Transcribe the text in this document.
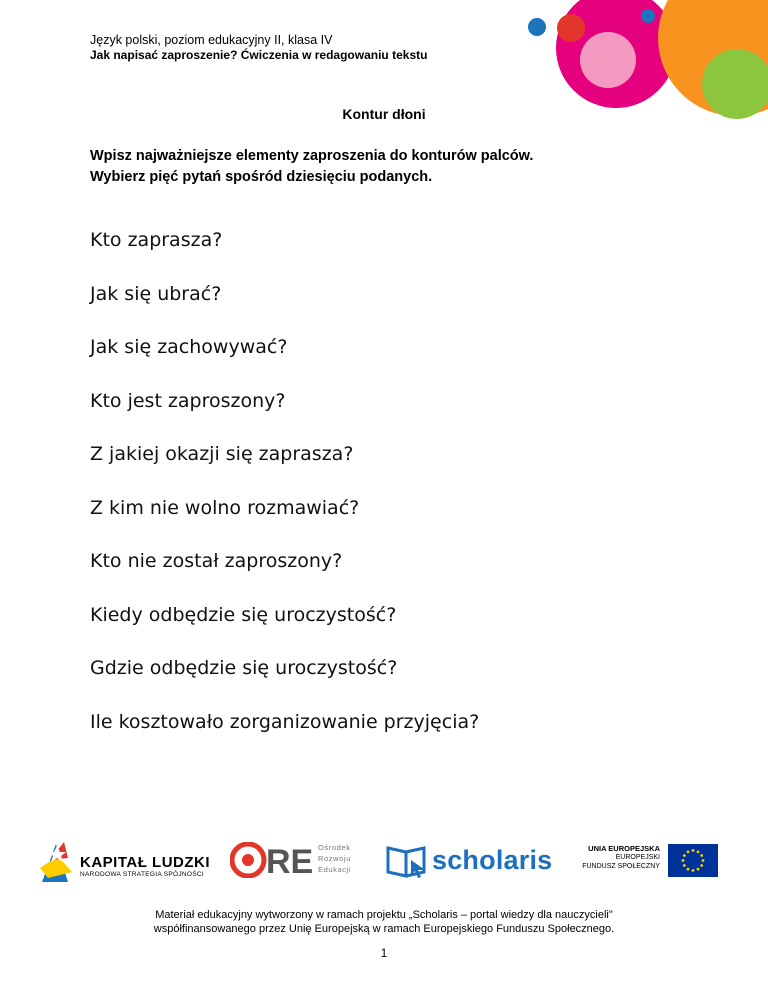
Język polski, poziom edukacyjny II, klasa IV
Jak napisać zaproszenie? Ćwiczenia w redagowaniu tekstu
Kontur dłoni
Wpisz najważniejsze elementy zaproszenia do konturów palców.
Wybierz pięć pytań spośród dziesięciu podanych.
Kto zaprasza?
Jak się ubrać?
Jak się zachowywać?
Kto jest zaproszony?
Z jakiej okazji się zaprasza?
Z kim nie wolno rozmawiać?
Kto nie został zaproszony?
Kiedy odbędzie się uroczystość?
Gdzie odbędzie się uroczystość?
Ile kosztowało zorganizowanie przyjęcia?
KAPITAŁ LUDZKI
NARODOWA STRATEGIA SPÓJNOŚCI RE Ośrodek
Rozwoju
Edukacji	scholaris	UNIA EUROPEJSKA
EUROPEJSKI
FUNDUSZ SPOŁECZNY
Materiał edukacyjny wytworzony w ramach projektu „Scholaris – portal wiedzy dla nauczycieli"
współfinansowanego przez Unię Europejską w ramach Europejskiego Funduszu Społecznego.
1
